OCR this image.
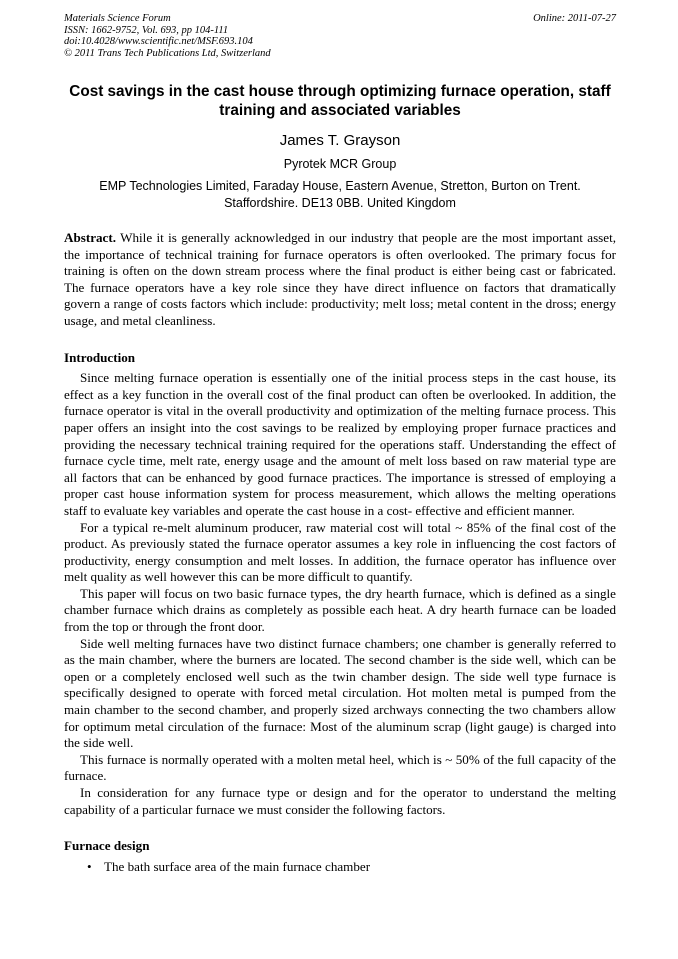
Materials Science Forum
ISSN: 1662-9752, Vol. 693, pp 104-111
doi:10.4028/www.scientific.net/MSF.693.104
© 2011 Trans Tech Publications Ltd, Switzerland
Online: 2011-07-27
Cost savings in the cast house through optimizing furnace operation, staff training and associated variables
James T. Grayson
Pyrotek MCR Group
EMP Technologies Limited, Faraday House, Eastern Avenue, Stretton, Burton on Trent. Staffordshire. DE13 0BB. United Kingdom

Abstract. While it is generally acknowledged in our industry that people are the most important asset, the importance of technical training for furnace operators is often overlooked. The primary focus for training is often on the down stream process where the final product is either being cast or fabricated. The furnace operators have a key role since they have direct influence on factors that dramatically govern a range of costs factors which include: productivity; melt loss; metal content in the dross; energy usage, and metal cleanliness.

Introduction

Since melting furnace operation is essentially one of the initial process steps in the cast house, its effect as a key function in the overall cost of the final product can often be overlooked. In addition, the furnace operator is vital in the overall productivity and optimization of the melting furnace process. This paper offers an insight into the cost savings to be realized by employing proper furnace practices and providing the necessary technical training required for the operations staff. Understanding the effect of furnace cycle time, melt rate, energy usage and the amount of melt loss based on raw material type are all factors that can be enhanced by good furnace practices. The importance is stressed of employing a proper cast house information system for process measurement, which allows the melting operations staff to evaluate key variables and operate the cast house in a cost- effective and efficient manner.

For a typical re-melt aluminum producer, raw material cost will total ~ 85% of the final cost of the product. As previously stated the furnace operator assumes a key role in influencing the cost factors of productivity, energy consumption and melt losses. In addition, the furnace operator has influence over melt quality as well however this can be more difficult to quantify.

This paper will focus on two basic furnace types, the dry hearth furnace, which is defined as a single chamber furnace which drains as completely as possible each heat. A dry hearth furnace can be loaded from the top or through the front door.

Side well melting furnaces have two distinct furnace chambers; one chamber is generally referred to as the main chamber, where the burners are located. The second chamber is the side well, which can be open or a completely enclosed well such as the twin chamber design. The side well type furnace is specifically designed to operate with forced metal circulation. Hot molten metal is pumped from the main chamber to the second chamber, and properly sized archways connecting the two chambers allow for optimum metal circulation of the furnace: Most of the aluminum scrap (light gauge) is charged into the side well.

This furnace is normally operated with a molten metal heel, which is ~ 50% of the full capacity of the furnace.

In consideration for any furnace type or design and for the operator to understand the melting capability of a particular furnace we must consider the following factors.

Furnace design
• The bath surface area of the main furnace chamber
